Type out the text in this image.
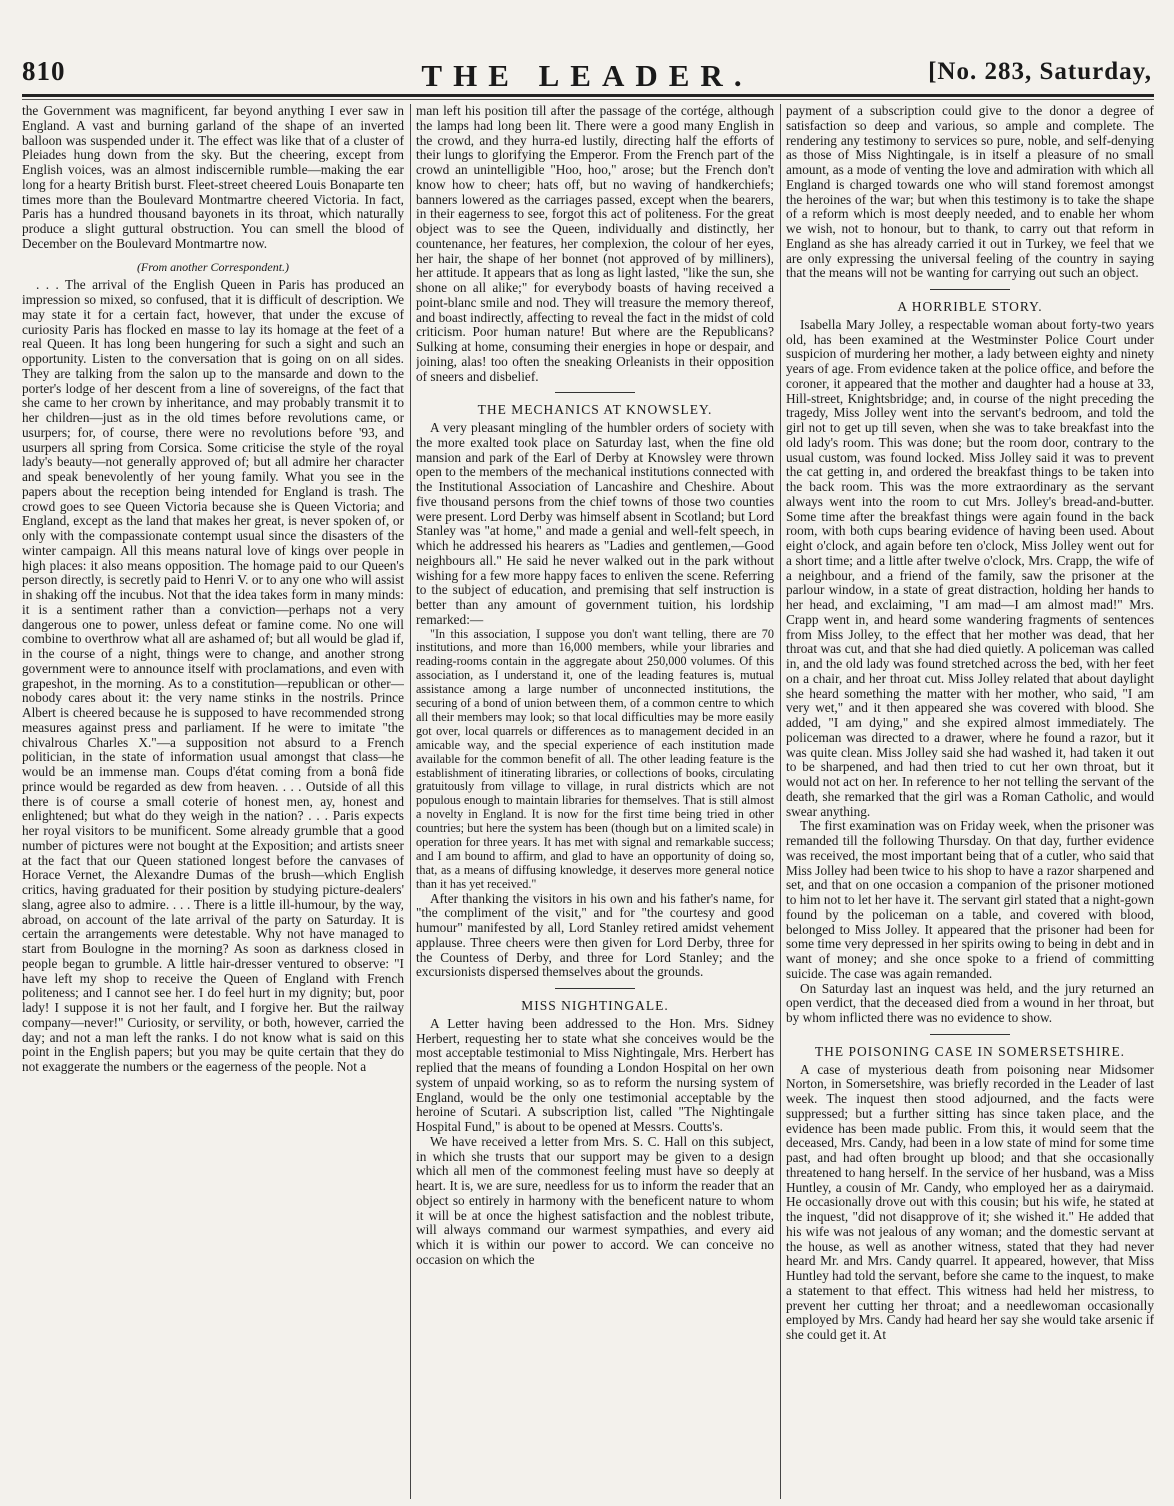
810	THE LEADER.	[No. 283, Saturday,

the Government was magnificent, far beyond anything I ever saw in England. A vast and burning garland of the shape of an inverted balloon was suspended under it. The effect was like that of a cluster of Pleiades hung down from the sky. But the cheering, except from English voices, was an almost indiscernible rumble—making the ear long for a hearty British burst. Fleet-street cheered Louis Bonaparte ten times more than the Boulevard Montmartre cheered Victoria. In fact, Paris has a hundred thousand bayonets in its throat, which naturally produce a slight guttural obstruction. You can smell the blood of December on the Boulevard Montmartre now.

(From another Correspondent.)

. . . The arrival of the English Queen in Paris has produced an impression so mixed, so confused, that it is difficult of description. We may state it for a certain fact, however, that under the excuse of curiosity Paris has flocked en masse to lay its homage at the feet of a real Queen. It has long been hungering for such a sight and such an opportunity. Listen to the conversation that is going on on all sides. They are talking from the salon up to the mansarde and down to the porter's lodge of her descent from a line of sovereigns, of the fact that she came to her crown by inheritance, and may probably transmit it to her children—just as in the old times before revolutions came, or usurpers; for, of course, there were no revolutions before '93, and usurpers all spring from Corsica. Some criticise the style of the royal lady's beauty—not generally approved of; but all admire her character and speak benevolently of her young family. What you see in the papers about the reception being intended for England is trash. The crowd goes to see Queen Victoria because she is Queen Victoria; and England, except as the land that makes her great, is never spoken of, or only with the compassionate contempt usual since the disasters of the winter campaign. All this means natural love of kings over people in high places: it also means opposition. The homage paid to our Queen's person directly, is secretly paid to Henri V. or to any one who will assist in shaking off the incubus. Not that the idea takes form in many minds: it is a sentiment rather than a conviction—perhaps not a very dangerous one to power, unless defeat or famine come. No one will combine to overthrow what all are ashamed of; but all would be glad if, in the course of a night, things were to change, and another strong government were to announce itself with proclamations, and even with grapeshot, in the morning. As to a constitution—republican or other—nobody cares about it: the very name stinks in the nostrils. Prince Albert is cheered because he is supposed to have recommended strong measures against press and parliament. If he were to imitate "the chivalrous Charles X."—a supposition not absurd to a French politician, in the state of information usual amongst that class—he would be an immense man. Coups d'état coming from a bonâ fide prince would be regarded as dew from heaven. . . . Outside of all this there is of course a small coterie of honest men, ay, honest and enlightened; but what do they weigh in the nation? . . . Paris expects her royal visitors to be munificent. Some already grumble that a good number of pictures were not bought at the Exposition; and artists sneer at the fact that our Queen stationed longest before the canvases of Horace Vernet, the Alexandre Dumas of the brush—which English critics, having graduated for their position by studying picture-dealers' slang, agree also to admire. . . . There is a little ill-humour, by the way, abroad, on account of the late arrival of the party on Saturday. It is certain the arrangements were detestable. Why not have managed to start from Boulogne in the morning? As soon as darkness closed in people began to grumble. A little hair-dresser ventured to observe: "I have left my shop to receive the Queen of England with French politeness; and I cannot see her. I do feel hurt in my dignity; but, poor lady! I suppose it is not her fault, and I forgive her. But the railway company—never!" Curiosity, or servility, or both, however, carried the day; and not a man left the ranks. I do not know what is said on this point in the English papers; but you may be quite certain that they do not exaggerate the numbers or the eagerness of the people. Not a

man left his position till after the passage of the cortége, although the lamps had long been lit. There were a good many English in the crowd, and they hurra-ed lustily, directing half the efforts of their lungs to glorifying the Emperor. From the French part of the crowd an unintelligible "Hoo, hoo," arose; but the French don't know how to cheer; hats off, but no waving of handkerchiefs; banners lowered as the carriages passed, except when the bearers, in their eagerness to see, forgot this act of politeness. For the great object was to see the Queen, individually and distinctly, her countenance, her features, her complexion, the colour of her eyes, her hair, the shape of her bonnet (not approved of by milliners), her attitude. It appears that as long as light lasted, "like the sun, she shone on all alike;" for everybody boasts of having received a point-blanc smile and nod. They will treasure the memory thereof, and boast indirectly, affecting to reveal the fact in the midst of cold criticism. Poor human nature! But where are the Republicans? Sulking at home, consuming their energies in hope or despair, and joining, alas! too often the sneaking Orleanists in their opposition of sneers and disbelief.

THE MECHANICS AT KNOWSLEY.

A very pleasant mingling of the humbler orders of society with the more exalted took place on Saturday last, when the fine old mansion and park of the Earl of Derby at Knowsley were thrown open to the members of the mechanical institutions connected with the Institutional Association of Lancashire and Cheshire. About five thousand persons from the chief towns of those two counties were present. Lord Derby was himself absent in Scotland; but Lord Stanley was "at home," and made a genial and well-felt speech, in which he addressed his hearers as "Ladies and gentlemen,—Good neighbours all." He said he never walked out in the park without wishing for a few more happy faces to enliven the scene. Referring to the subject of education, and premising that self instruction is better than any amount of government tuition, his lordship remarked:—

"In this association, I suppose you don't want telling, there are 70 institutions, and more than 16,000 members, while your libraries and reading-rooms contain in the aggregate about 250,000 volumes. Of this association, as I understand it, one of the leading features is, mutual assistance among a large number of unconnected institutions, the securing of a bond of union between them, of a common centre to which all their members may look; so that local difficulties may be more easily got over, local quarrels or differences as to management decided in an amicable way, and the special experience of each institution made available for the common benefit of all. The other leading feature is the establishment of itinerating libraries, or collections of books, circulating gratuitously from village to village, in rural districts which are not populous enough to maintain libraries for themselves. That is still almost a novelty in England. It is now for the first time being tried in other countries; but here the system has been (though but on a limited scale) in operation for three years. It has met with signal and remarkable success; and I am bound to affirm, and glad to have an opportunity of doing so, that, as a means of diffusing knowledge, it deserves more general notice than it has yet received."

After thanking the visitors in his own and his father's name, for "the compliment of the visit," and for "the courtesy and good humour" manifested by all, Lord Stanley retired amidst vehement applause. Three cheers were then given for Lord Derby, three for the Countess of Derby, and three for Lord Stanley; and the excursionists dispersed themselves about the grounds.

MISS NIGHTINGALE.

A Letter having been addressed to the Hon. Mrs. Sidney Herbert, requesting her to state what she conceives would be the most acceptable testimonial to Miss Nightingale, Mrs. Herbert has replied that the means of founding a London Hospital on her own system of unpaid working, so as to reform the nursing system of England, would be the only one testimonial acceptable by the heroine of Scutari. A subscription list, called "The Nightingale Hospital Fund," is about to be opened at Messrs. Coutts's.

We have received a letter from Mrs. S. C. Hall on this subject, in which she trusts that our support may be given to a design which all men of the commonest feeling must have so deeply at heart. It is, we are sure, needless for us to inform the reader that an object so entirely in harmony with the beneficent nature to whom it will be at once the highest satisfaction and the noblest tribute, will always command our warmest sympathies, and every aid which it is within our power to accord. We can conceive no occasion on which the

payment of a subscription could give to the donor a degree of satisfaction so deep and various, so ample and complete. The rendering any testimony to services so pure, noble, and self-denying as those of Miss Nightingale, is in itself a pleasure of no small amount, as a mode of venting the love and admiration with which all England is charged towards one who will stand foremost amongst the heroines of the war; but when this testimony is to take the shape of a reform which is most deeply needed, and to enable her whom we wish, not to honour, but to thank, to carry out that reform in England as she has already carried it out in Turkey, we feel that we are only expressing the universal feeling of the country in saying that the means will not be wanting for carrying out such an object.

A HORRIBLE STORY.

Isabella Mary Jolley, a respectable woman about forty-two years old, has been examined at the Westminster Police Court under suspicion of murdering her mother, a lady between eighty and ninety years of age. From evidence taken at the police office, and before the coroner, it appeared that the mother and daughter had a house at 33, Hill-street, Knightsbridge; and, in course of the night preceding the tragedy, Miss Jolley went into the servant's bedroom, and told the girl not to get up till seven, when she was to take breakfast into the old lady's room. This was done; but the room door, contrary to the usual custom, was found locked. Miss Jolley said it was to prevent the cat getting in, and ordered the breakfast things to be taken into the back room. This was the more extraordinary as the servant always went into the room to cut Mrs. Jolley's bread-and-butter. Some time after the breakfast things were again found in the back room, with both cups bearing evidence of having been used. About eight o'clock, and again before ten o'clock, Miss Jolley went out for a short time; and a little after twelve o'clock, Mrs. Crapp, the wife of a neighbour, and a friend of the family, saw the prisoner at the parlour window, in a state of great distraction, holding her hands to her head, and exclaiming, "I am mad—I am almost mad!" Mrs. Crapp went in, and heard some wandering fragments of sentences from Miss Jolley, to the effect that her mother was dead, that her throat was cut, and that she had died quietly. A policeman was called in, and the old lady was found stretched across the bed, with her feet on a chair, and her throat cut. Miss Jolley related that about daylight she heard something the matter with her mother, who said, "I am very wet," and it then appeared she was covered with blood. She added, "I am dying," and she expired almost immediately. The policeman was directed to a drawer, where he found a razor, but it was quite clean. Miss Jolley said she had washed it, had taken it out to be sharpened, and had then tried to cut her own throat, but it would not act on her. In reference to her not telling the servant of the death, she remarked that the girl was a Roman Catholic, and would swear anything.

The first examination was on Friday week, when the prisoner was remanded till the following Thursday. On that day, further evidence was received, the most important being that of a cutler, who said that Miss Jolley had been twice to his shop to have a razor sharpened and set, and that on one occasion a companion of the prisoner motioned to him not to let her have it. The servant girl stated that a night-gown found by the policeman on a table, and covered with blood, belonged to Miss Jolley. It appeared that the prisoner had been for some time very depressed in her spirits owing to being in debt and in want of money; and she once spoke to a friend of committing suicide. The case was again remanded.

On Saturday last an inquest was held, and the jury returned an open verdict, that the deceased died from a wound in her throat, but by whom inflicted there was no evidence to show.

THE POISONING CASE IN SOMERSETSHIRE.

A case of mysterious death from poisoning near Midsomer Norton, in Somersetshire, was briefly recorded in the Leader of last week. The inquest then stood adjourned, and the facts were suppressed; but a further sitting has since taken place, and the evidence has been made public. From this, it would seem that the deceased, Mrs. Candy, had been in a low state of mind for some time past, and had often brought up blood; and that she occasionally threatened to hang herself. In the service of her husband, was a Miss Huntley, a cousin of Mr. Candy, who employed her as a dairymaid. He occasionally drove out with this cousin; but his wife, he stated at the inquest, "did not disapprove of it; she wished it." He added that his wife was not jealous of any woman; and the domestic servant at the house, as well as another witness, stated that they had never heard Mr. and Mrs. Candy quarrel. It appeared, however, that Miss Huntley had told the servant, before she came to the inquest, to make a statement to that effect. This witness had held her mistress, to prevent her cutting her throat; and a needlewoman occasionally employed by Mrs. Candy had heard her say she would take arsenic if she could get it. At
